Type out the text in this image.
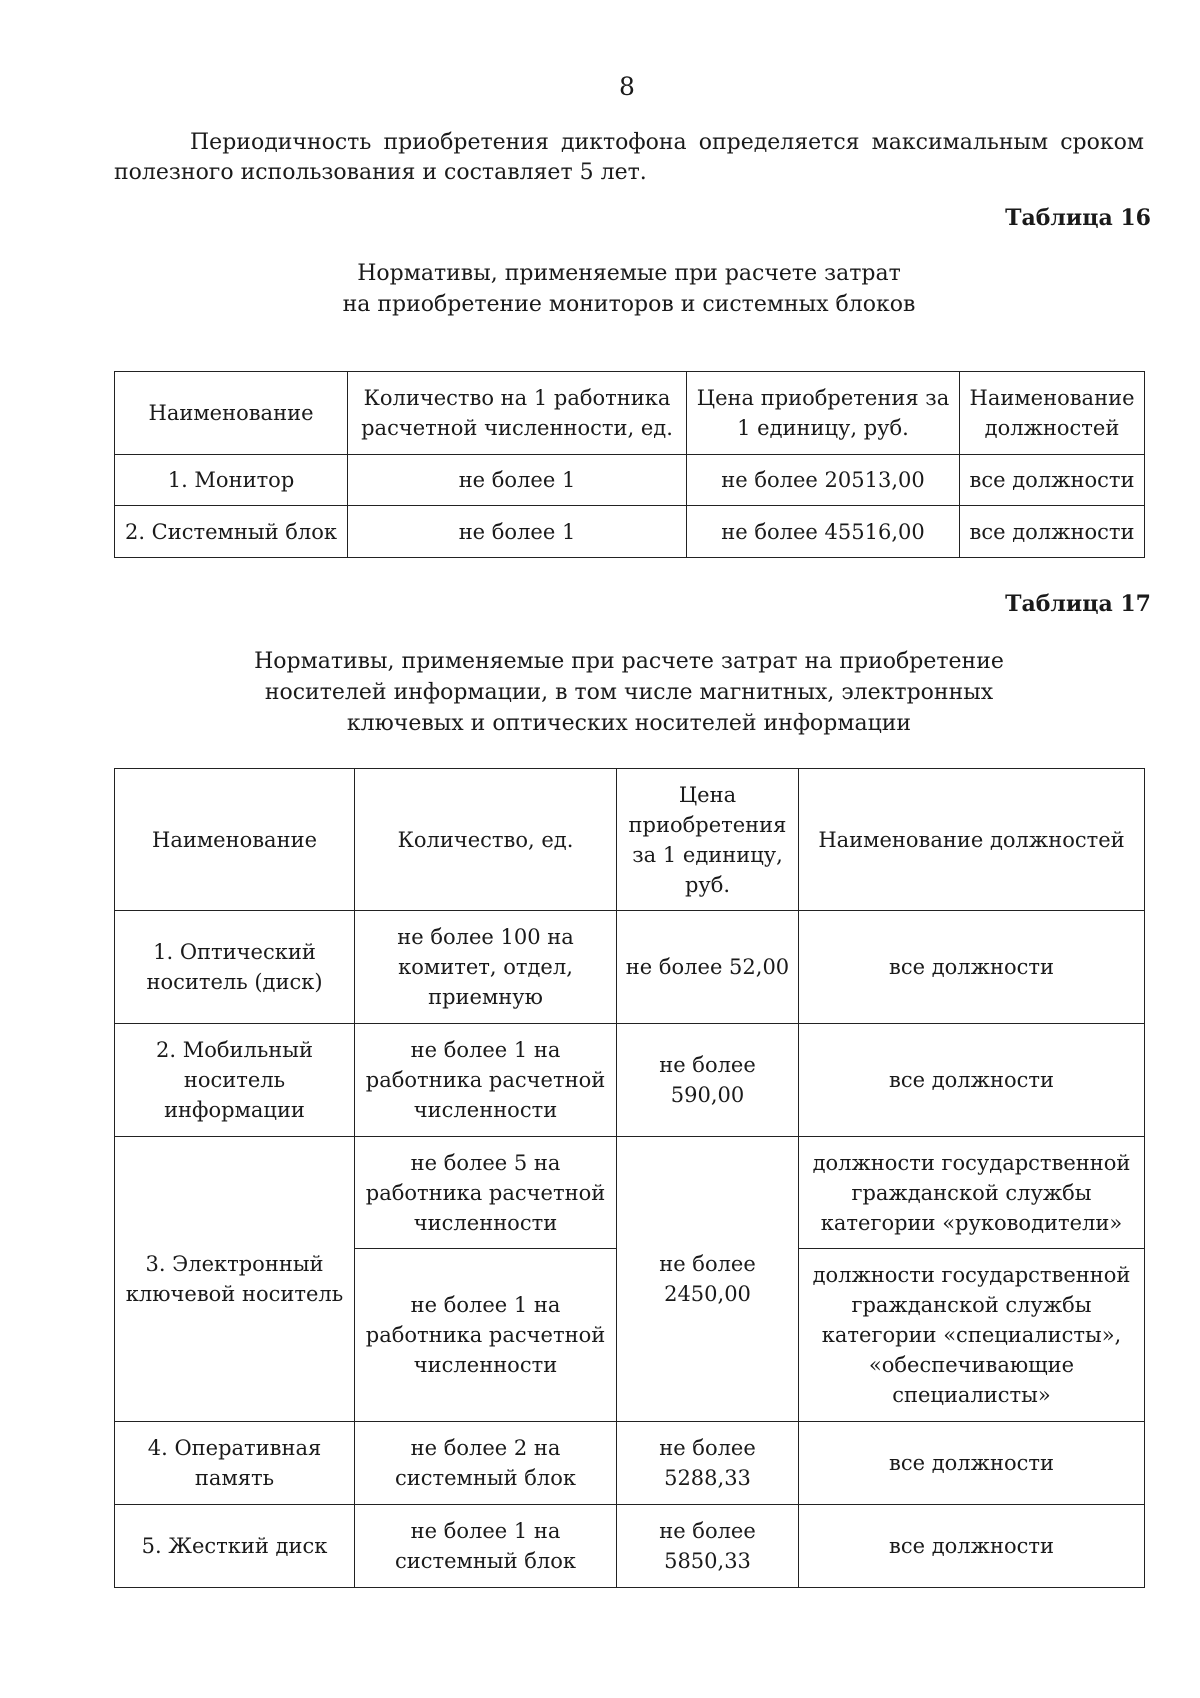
8

Периодичность приобретения диктофона определяется максимальным сроком полезного использования и составляет 5 лет.

Таблица 16
Нормативы, применяемые при расчете затрат
на приобретение мониторов и системных блоков
Наименование	Количество на 1 работника расчетной численности, ед.	Цена приобретения за 1 единицу, руб.	Наименование должностей
1. Монитор	не более 1	не более 20513,00	все должности
2. Системный блок	не более 1	не более 45516,00	все должности
Таблица 17
Нормативы, применяемые при расчете затрат на приобретение
носителей информации, в том числе магнитных, электронных
ключевых и оптических носителей информации
Наименование	Количество, ед.	Цена приобретения за 1 единицу, руб.	Наименование должностей
1. Оптический носитель (диск)	не более 100 на комитет, отдел, приемную	не более 52,00	все должности
2. Мобильный носитель информации	не более 1 на работника расчетной численности	не более 590,00	все должности
3. Электронный ключевой носитель	не более 5 на работника расчетной численности	не более 2450,00	должности государственной гражданской службы категории «руководители»
	не более 1 на работника расчетной численности		должности государственной гражданской службы категории «специалисты», «обеспечивающие специалисты»
4. Оперативная память	не более 2 на системный блок	не более 5288,33	все должности
5. Жесткий диск	не более 1 на системный блок	не более 5850,33	все должности
